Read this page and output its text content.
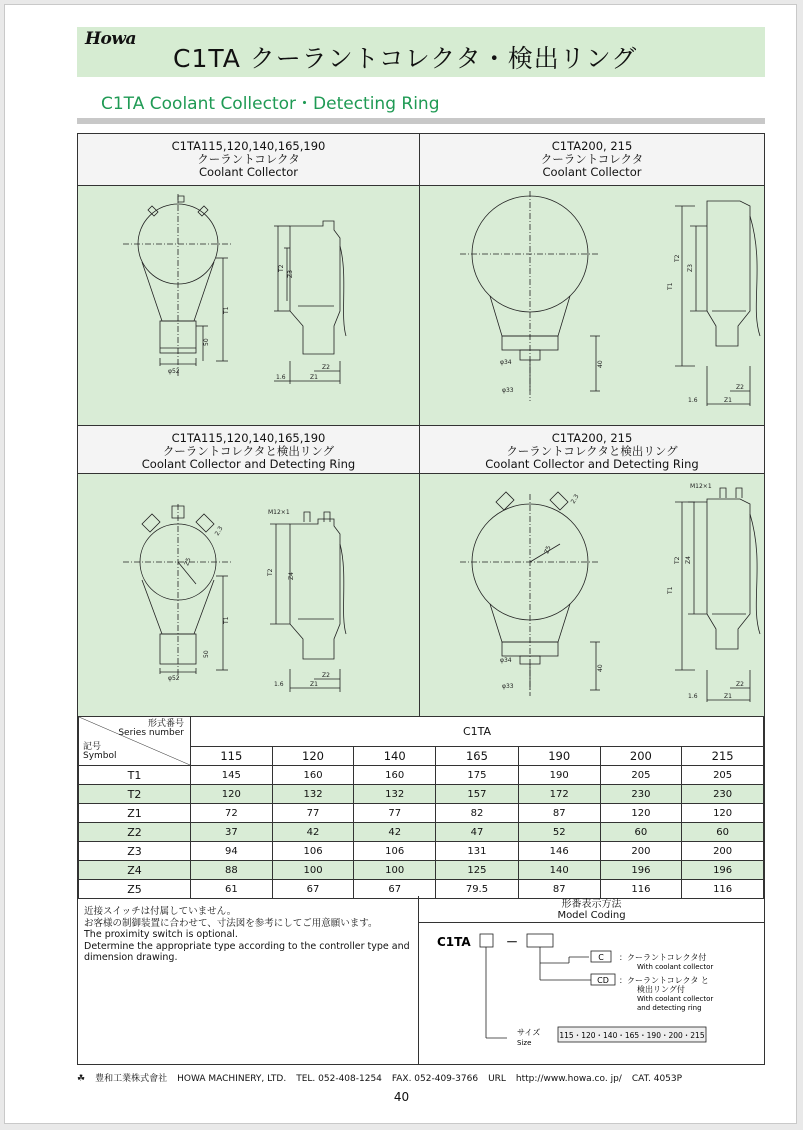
Howa
C1TA クーラントコレクタ・検出リング
C1TA Coolant Collector・Detecting Ring
C1TA115,120,140,165,190
クーラントコレクタ
Coolant Collector
C1TA200, 215
クーラントコレクタ
Coolant Collector
T1
50
φ52
T2
Z3
Z2
Z1
1.6
T1
T2
Z3
40
φ34
φ33	Z2
Z1
1.6
C1TA115,120,140,165,190
クーラントコレクタと検出リング
Coolant Collector and Detecting Ring
C1TA200, 215
クーラントコレクタと検出リング
Coolant Collector and Detecting Ring
T1
50
φ52
Z5
2.3
M12×1
T2 Z4
Z2
Z1
1.6
T1
T2 Z4
Z5
2.3
M12×1
40
φ34
φ33	Z2
Z1
1.6
形式番号
Series number
記号
Symbol	C1TA						
	115	120	140	165	190	200	215
T1	145	160	160	175	190	205	205
T2	120	132	132	157	172	230	230
Z1	72	77	77	82	87	120	120
Z2	37	42	42	47	52	60	60
Z3	94	106	106	131	146	200	200
Z4	88	100	100	125	140	196	196
Z5	61	67	67	79.5	87	116	116
近接スイッチは付属していません。
お客様の制御装置に合わせて、寸法図を参考にしてご用意願います。
The proximity switch is optional.
Determine the appropriate type according to the controller type and dimension drawing.
形番表示方法
Model Coding
C1TA	－
C
CD
：クーラントコレクタ付
With coolant collector
：クーラントコレクタ と
検出リング付
With coolant collector
and detecting ring
サイズ
Size
115・120・140・165・190・200・215
☘ 豊和工業株式會社 HOWA MACHINERY, LTD. TEL. 052-408-1254 FAX. 052-409-3766 URL http://www.howa.co. jp/ CAT. 4053P
40
